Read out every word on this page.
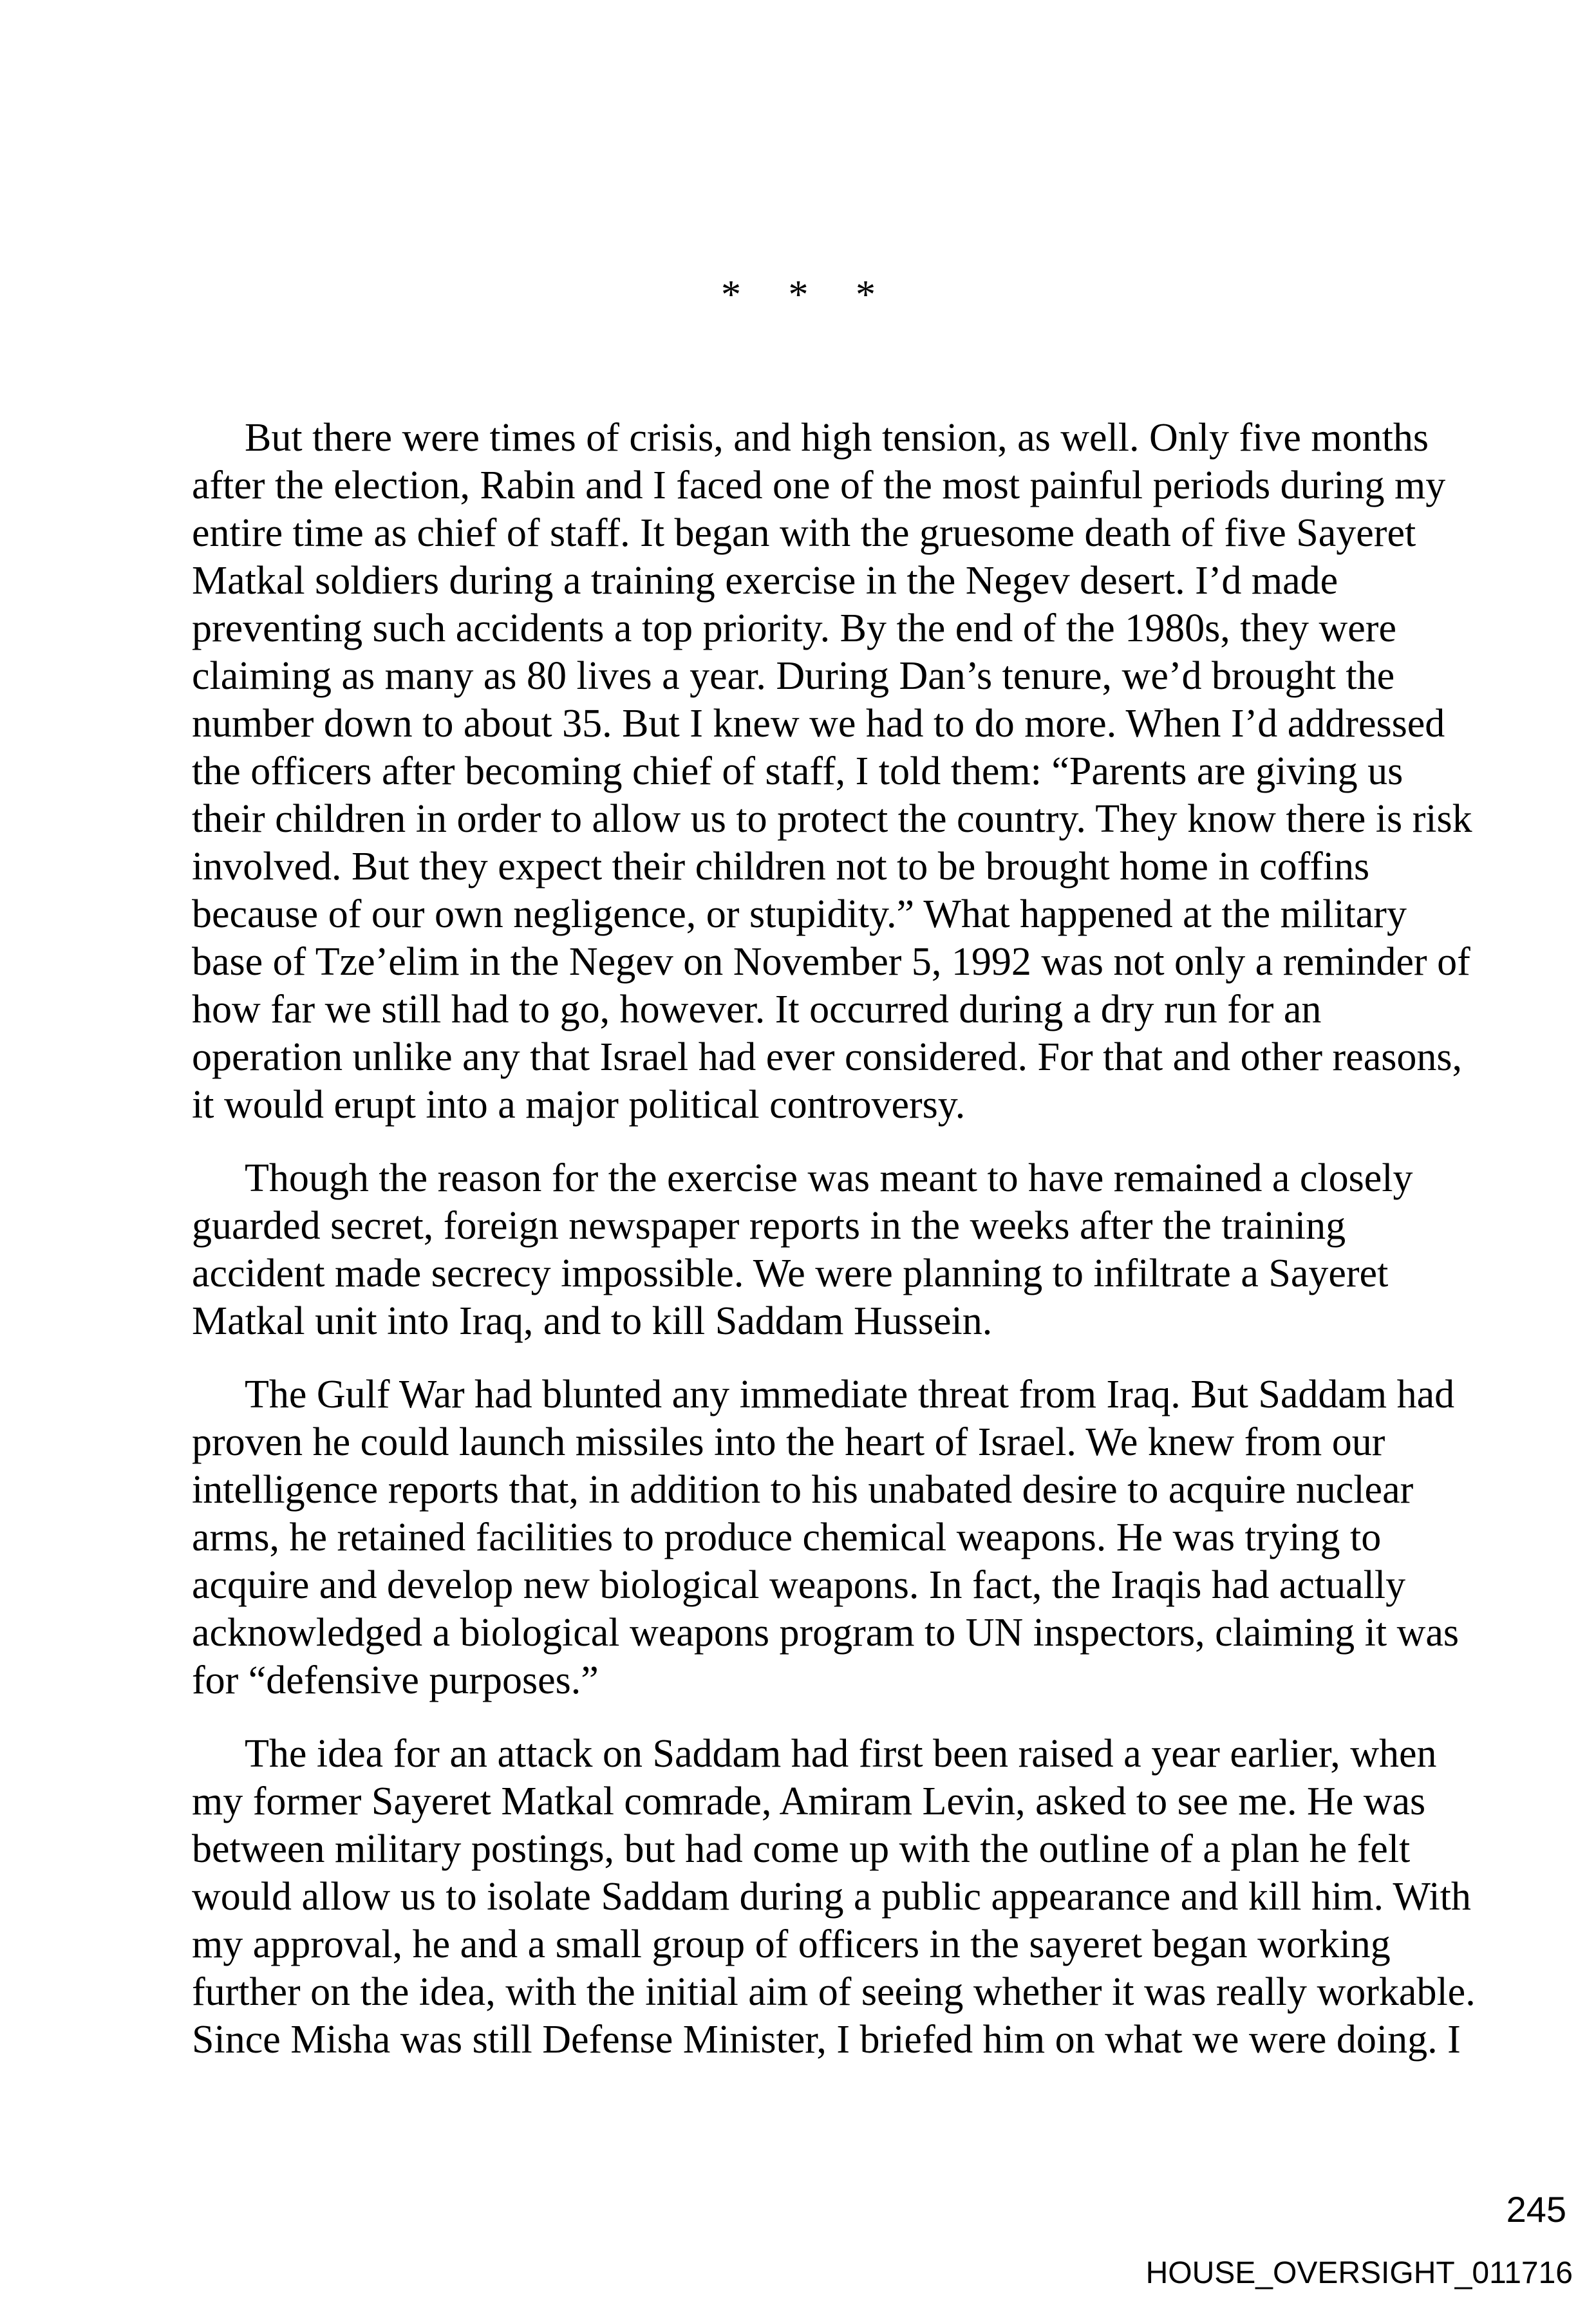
* * *
But there were times of crisis, and high tension, as well. Only five months
after the election, Rabin and I faced one of the most painful periods during my
entire time as chief of staff. It began with the gruesome death of five Sayeret
Matkal soldiers during a training exercise in the Negev desert. I’d made
preventing such accidents a top priority. By the end of the 1980s, they were
claiming as many as 80 lives a year. During Dan’s tenure, we’d brought the
number down to about 35. But I knew we had to do more. When I’d addressed
the officers after becoming chief of staff, I told them: “Parents are giving us
their children in order to allow us to protect the country. They know there is risk
involved. But they expect their children not to be brought home in coffins
because of our own negligence, or stupidity.” What happened at the military
base of Tze’elim in the Negev on November 5, 1992 was not only a reminder of
how far we still had to go, however. It occurred during a dry run for an
operation unlike any that Israel had ever considered. For that and other reasons,
it would erupt into a major political controversy.
Though the reason for the exercise was meant to have remained a closely
guarded secret, foreign newspaper reports in the weeks after the training
accident made secrecy impossible. We were planning to infiltrate a Sayeret
Matkal unit into Iraq, and to kill Saddam Hussein.
The Gulf War had blunted any immediate threat from Iraq. But Saddam had
proven he could launch missiles into the heart of Israel. We knew from our
intelligence reports that, in addition to his unabated desire to acquire nuclear
arms, he retained facilities to produce chemical weapons. He was trying to
acquire and develop new biological weapons. In fact, the Iraqis had actually
acknowledged a biological weapons program to UN inspectors, claiming it was
for “defensive purposes.”
The idea for an attack on Saddam had first been raised a year earlier, when
my former Sayeret Matkal comrade, Amiram Levin, asked to see me. He was
between military postings, but had come up with the outline of a plan he felt
would allow us to isolate Saddam during a public appearance and kill him. With
my approval, he and a small group of officers in the sayeret began working
further on the idea, with the initial aim of seeing whether it was really workable.
Since Misha was still Defense Minister, I briefed him on what we were doing. I
245
HOUSE_OVERSIGHT_011716
